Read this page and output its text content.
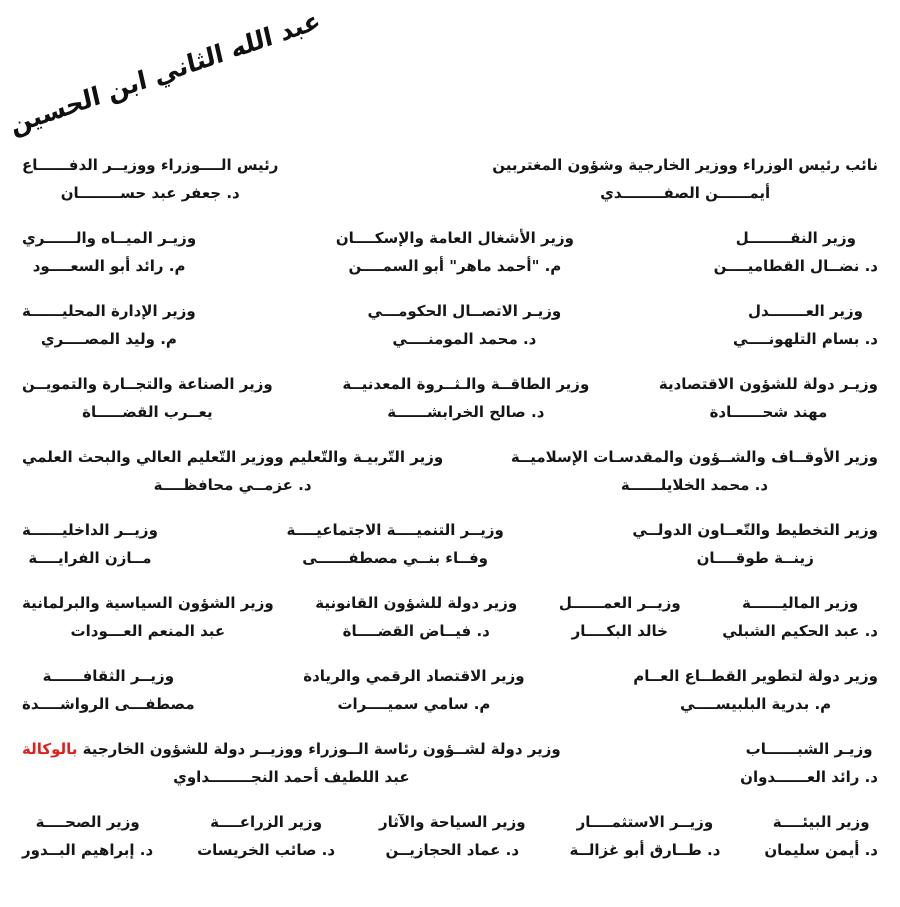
عبد الله الثاني ابن الحسين
نائب رئيس الوزراء ووزير الخارجية وشؤون المغتربين
أيمــــــن الصفــــــــدي
رئيس الــــوزراء ووزيــر الدفــــــاع
د. جعفر عبد حســــــــان
وزير النقــــــــل
د. نضــال القطاميــــن
وزير الأشغال العامة والإسكــــان
م. "أحمد ماهر" أبو السمــــن
وزيـر الميــاه والــــــري
م. رائد أبو السعــــود
وزير العـــــــدل
د. بسام التلهونــــي
وزيـر الاتصــال الحكومـــي
د. محمد المومنــــي
وزير الإدارة المحليــــــة
م. وليد المصــــري
وزيـر دولة للشؤون الاقتصادية
مهند شحــــــادة
وزير الطاقــة والـثــروة المعدنيــة
د. صالح الخرابشــــــة
وزير الصناعة والتجــارة والتمويــن
يعــرب القضـــــاة
وزير الأوقــاف والشــؤون والمقدسـات الإسلاميــة
د. محمد الخلايلــــــة
وزير التّربيـة والتّعليم ووزير التّعليم العالي والبحث العلمي
د. عزمــي محافظــــة
وزير التخطيط والتّعــاون الدولــي
زينــة طوقــــان
وزيــر التنميــــة الاجتماعيــــة
وفــاء بنــي مصطفــــــى
وزيــر الداخليــــــة
مــازن الفرايــــة
وزير الماليــــــة
د. عبد الحكيم الشبلي
وزيــر العمــــــل
خالد البكــــار
وزير دولة للشؤون القانونية
د. فيــاض القضــــاة
وزير الشؤون السياسية والبرلمانية
عبد المنعم العـــودات
وزير دولة لتطوير القطــاع العــام
م. بدرية البلبيســــي
وزير الاقتصاد الرقمي والريادة
م. سامي سميــــرات
وزيــر الثقافــــــة
مصطفـــى الرواشــــدة
وزيـر الشبــــــاب
د. رائد العــــــدوان
وزير دولة لشــؤون رئاسة الــوزراء ووزيــر دولة للشؤون الخارجية بالوكالة
عبد اللطيف أحمد النجــــــــداوي
وزير البيئــــة
د. أيمن سليمان
وزيــر الاستثمــــار
د. طــارق أبو غزالــة
وزير السياحة والآثار
د. عماد الحجازيــن
وزير الزراعــــة
د. صائب الخريسات
وزير الصحــــة
د. إبراهيم البــدور
